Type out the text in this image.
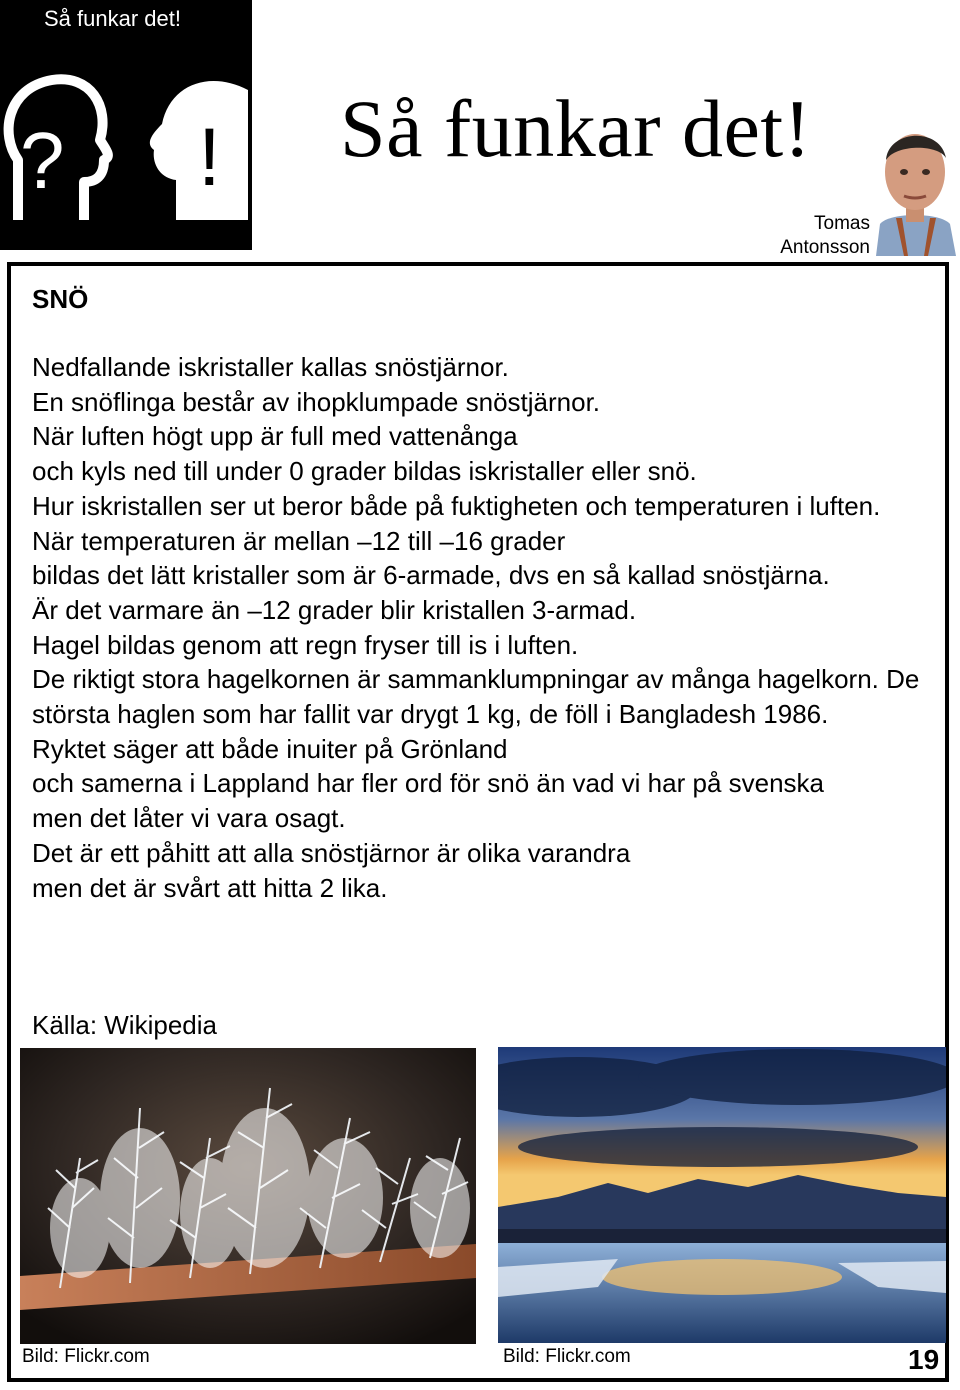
Så funkar det!
? ! Så funkar det!
Tomas
Antonsson
SNÖ

Nedfallande iskristaller kallas snöstjärnor.

En snöflinga består av ihopklumpade snöstjärnor.

När luften högt upp är full med vattenånga

och kyls ned till under 0 grader bildas iskristaller eller snö.

Hur iskristallen ser ut beror både på fuktigheten och temperaturen i luften.

När temperaturen är mellan –12 till –16 grader

bildas det lätt kristaller som är 6-armade, dvs en så kallad snöstjärna.

Är det varmare än –12 grader blir kristallen 3-armad.

Hagel bildas genom att regn fryser till is i luften.

De riktigt stora hagelkornen är sammanklumpningar av många hagelkorn. De största haglen som har fallit var drygt 1 kg, de föll i Bangladesh 1986.

Ryktet säger att både inuiter på Grönland

och samerna i Lappland har fler ord för snö än vad vi har på svenska

men det låter vi vara osagt.

Det är ett påhitt att alla snöstjärnor är olika varandra

men det är svårt att hitta 2 lika.

Källa: Wikipedia
Bild: Flickr.com	Bild: Flickr.com	19
